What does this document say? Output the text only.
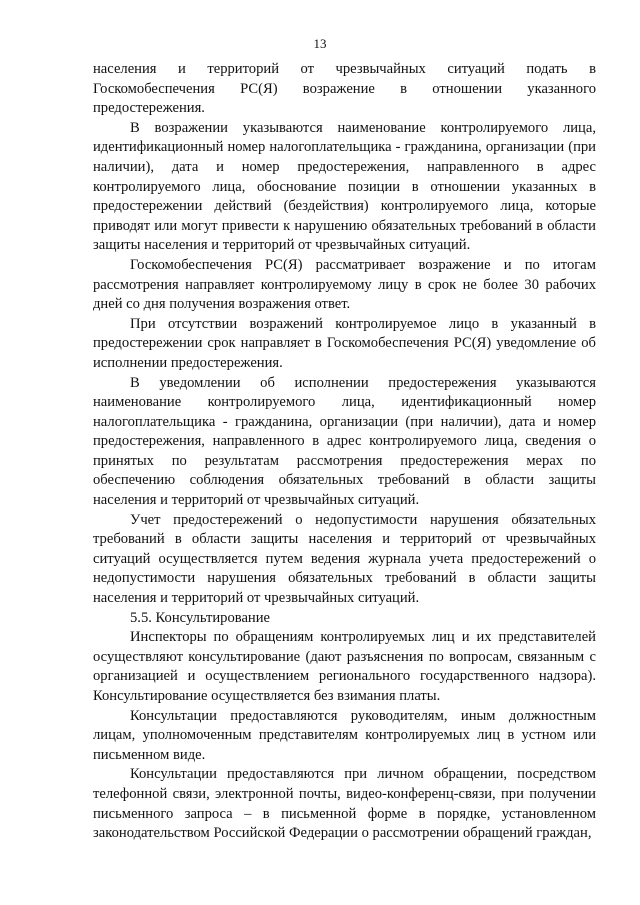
13

населения и территорий от чрезвычайных ситуаций подать в Госкомобеспечения РС(Я) возражение в отношении указанного предостережения.

В возражении указываются наименование контролируемого лица, идентификационный номер налогоплательщика - гражданина, организации (при наличии), дата и номер предостережения, направленного в адрес контролируемого лица, обоснование позиции в отношении указанных в предостережении действий (бездействия) контролируемого лица, которые приводят или могут привести к нарушению обязательных требований в области защиты населения и территорий от чрезвычайных ситуаций.

Госкомобеспечения РС(Я) рассматривает возражение и по итогам рассмотрения направляет контролируемому лицу в срок не более 30 рабочих дней со дня получения возражения ответ.

При отсутствии возражений контролируемое лицо в указанный в предостережении срок направляет в Госкомобеспечения РС(Я) уведомление об исполнении предостережения.

В уведомлении об исполнении предостережения указываются наименование контролируемого лица, идентификационный номер налогоплательщика - гражданина, организации (при наличии), дата и номер предостережения, направленного в адрес контролируемого лица, сведения о принятых по результатам рассмотрения предостережения мерах по обеспечению соблюдения обязательных требований в области защиты населения и территорий от чрезвычайных ситуаций.

Учет предостережений о недопустимости нарушения обязательных требований в области защиты населения и территорий от чрезвычайных ситуаций осуществляется путем ведения журнала учета предостережений о недопустимости нарушения обязательных требований в области защиты населения и территорий от чрезвычайных ситуаций.

5.5. Консультирование

Инспекторы по обращениям контролируемых лиц и их представителей осуществляют консультирование (дают разъяснения по вопросам, связанным с организацией и осуществлением регионального государственного надзора). Консультирование осуществляется без взимания платы.

Консультации предоставляются руководителям, иным должностным лицам, уполномоченным представителям контролируемых лиц в устном или письменном виде.

Консультации предоставляются при личном обращении, посредством телефонной связи, электронной почты, видео-конференц-связи, при получении письменного запроса – в письменной форме в порядке, установленном законодательством Российской Федерации о рассмотрении обращений граждан,
